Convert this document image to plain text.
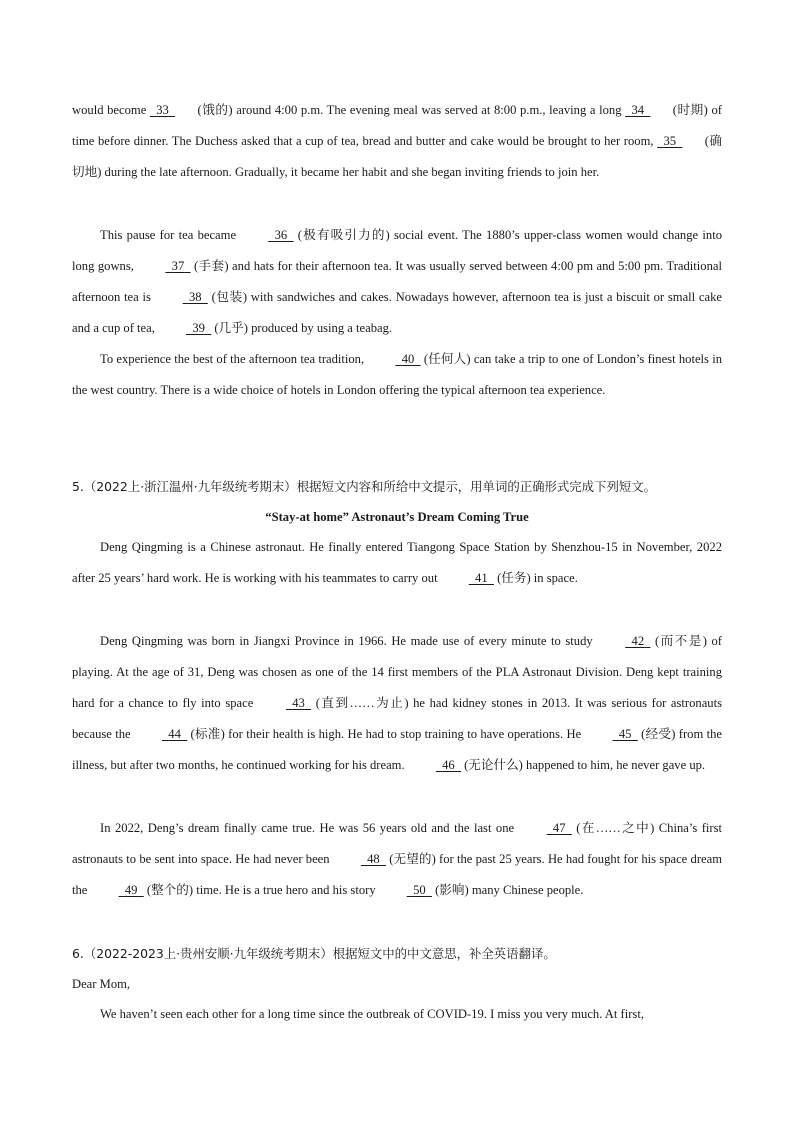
would become 33 (饿的) around 4:00 p.m. The evening meal was served at 8:00 p.m., leaving a long 34 (时期) of time before dinner. The Duchess asked that a cup of tea, bread and butter and cake would be brought to her room, 35 (确切地) during the late afternoon. Gradually, it became her habit and she began inviting friends to join her.

This pause for tea became	36 (极有吸引力的) social event. The 1880’s upper-class women would change into long gowns,	37 (手套) and hats for their afternoon tea. It was usually served between 4:00 pm and 5:00 pm. Traditional afternoon tea is	38 (包装) with sandwiches and cakes. Nowadays however, afternoon tea is just a biscuit or small cake and a cup of tea,	39 (几乎) produced by using a teabag.

To experience the best of the afternoon tea tradition,	40 (任何人) can take a trip to one of London’s finest hotels in the west country. There is a wide choice of hotels in London offering the typical afternoon tea experience.

5.（2022上·浙江温州·九年级统考期末）根据短文内容和所给中文提示，用单词的正确形式完成下列短文。

“Stay-at home” Astronaut’s Dream Coming True

Deng Qingming is a Chinese astronaut. He finally entered Tiangong Space Station by Shenzhou-15 in November, 2022 after 25 years’ hard work. He is working with his teammates to carry out	41 (任务) in space.

Deng Qingming was born in Jiangxi Province in 1966. He made use of every minute to study	42 (而不是) of playing. At the age of 31, Deng was chosen as one of the 14 first members of the PLA Astronaut Division. Deng kept training hard for a chance to fly into space	43 (直到……为止) he had kidney stones in 2013. It was serious for astronauts because the	44 (标准) for their health is high. He had to stop training to have operations. He	45 (经受) from the illness, but after two months, he continued working for his dream.	46 (无论什么) happened to him, he never gave up.

In 2022, Deng’s dream finally came true. He was 56 years old and the last one	47 (在……之中) China’s first astronauts to be sent into space. He had never been	48 (无望的) for the past 25 years. He had fought for his space dream the	49 (整个的) time. He is a true hero and his story	50 (影响) many Chinese people.

6.（2022-2023上·贵州安顺·九年级统考期末）根据短文中的中文意思，补全英语翻译。

Dear Mom,

We haven’t seen each other for a long time since the outbreak of COVID-19. I miss you very much. At first,
